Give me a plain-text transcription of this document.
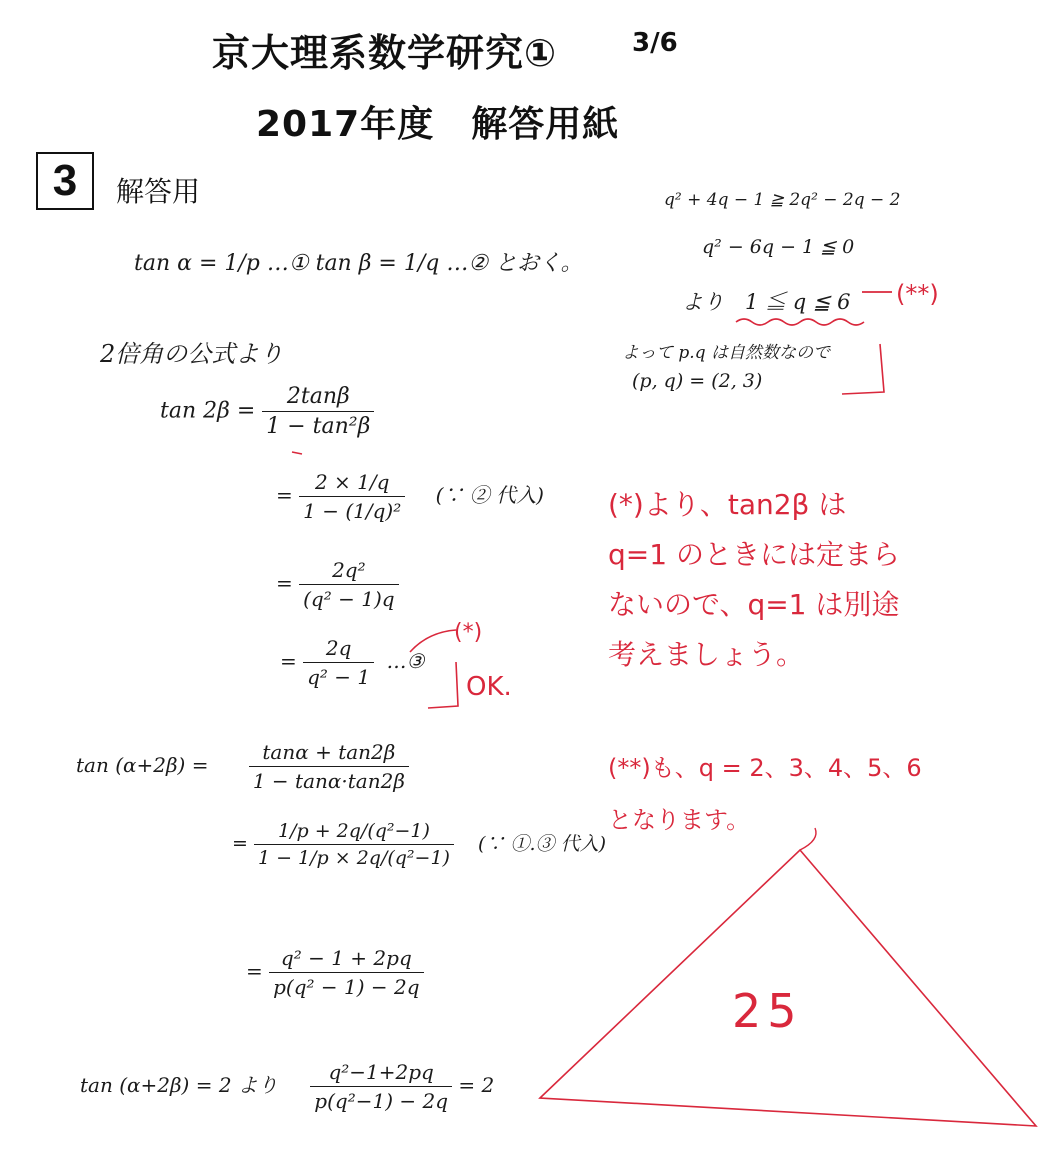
京大理系数学研究①	3/6
2017年度　解答用紙
3	解答用
tan α = 1/p …① tan β = 1/q …② とおく。
2倍角の公式より
$\tan 2\beta = \frac{2\tan\beta}{\text{1 − tan²β}}$
= $\frac{2 \times 1/q}{\text{1 − (1/q)²}}$ (∵ ② 代入)
= $\frac{\text{2q²}}{\text{(q² − 1)q}}$
= $\frac{2q}{\text{q² − 1}}$ …③
$\tan (\alpha+2\beta) = \frac{\tan\alpha + \tan 2\beta}{1 - \tan\alpha\cdot\tan 2\beta}$
= $\frac{\text{1/p + 2q/(q²−1)}}{\text{1 − 1/p × 2q/(q²−1)}}$ (∵ ①.③ 代入)
= $\frac{\text{q² − 1 + 2pq}}{\text{p(q² − 1) − 2q}}$
tan (α+2β) = 2 より $\frac{\text{q²−1+2pq}}{\text{p(q²−1) − 2q}} = 2$
q² + 4q − 1 ≧ 2q² − 2q − 2
q² − 6q − 1 ≦ 0
より　1 ≦ q ≦ 6
よって p.q は自然数なので
(p, q) = (2, 3)
(*)
OK.
(**)
(*)より、tan2β は
q=1 のときには定まら
ないので、q=1 は別途
考えましょう。
(**)も、q = 2、3、4、5、6
となります。
25
